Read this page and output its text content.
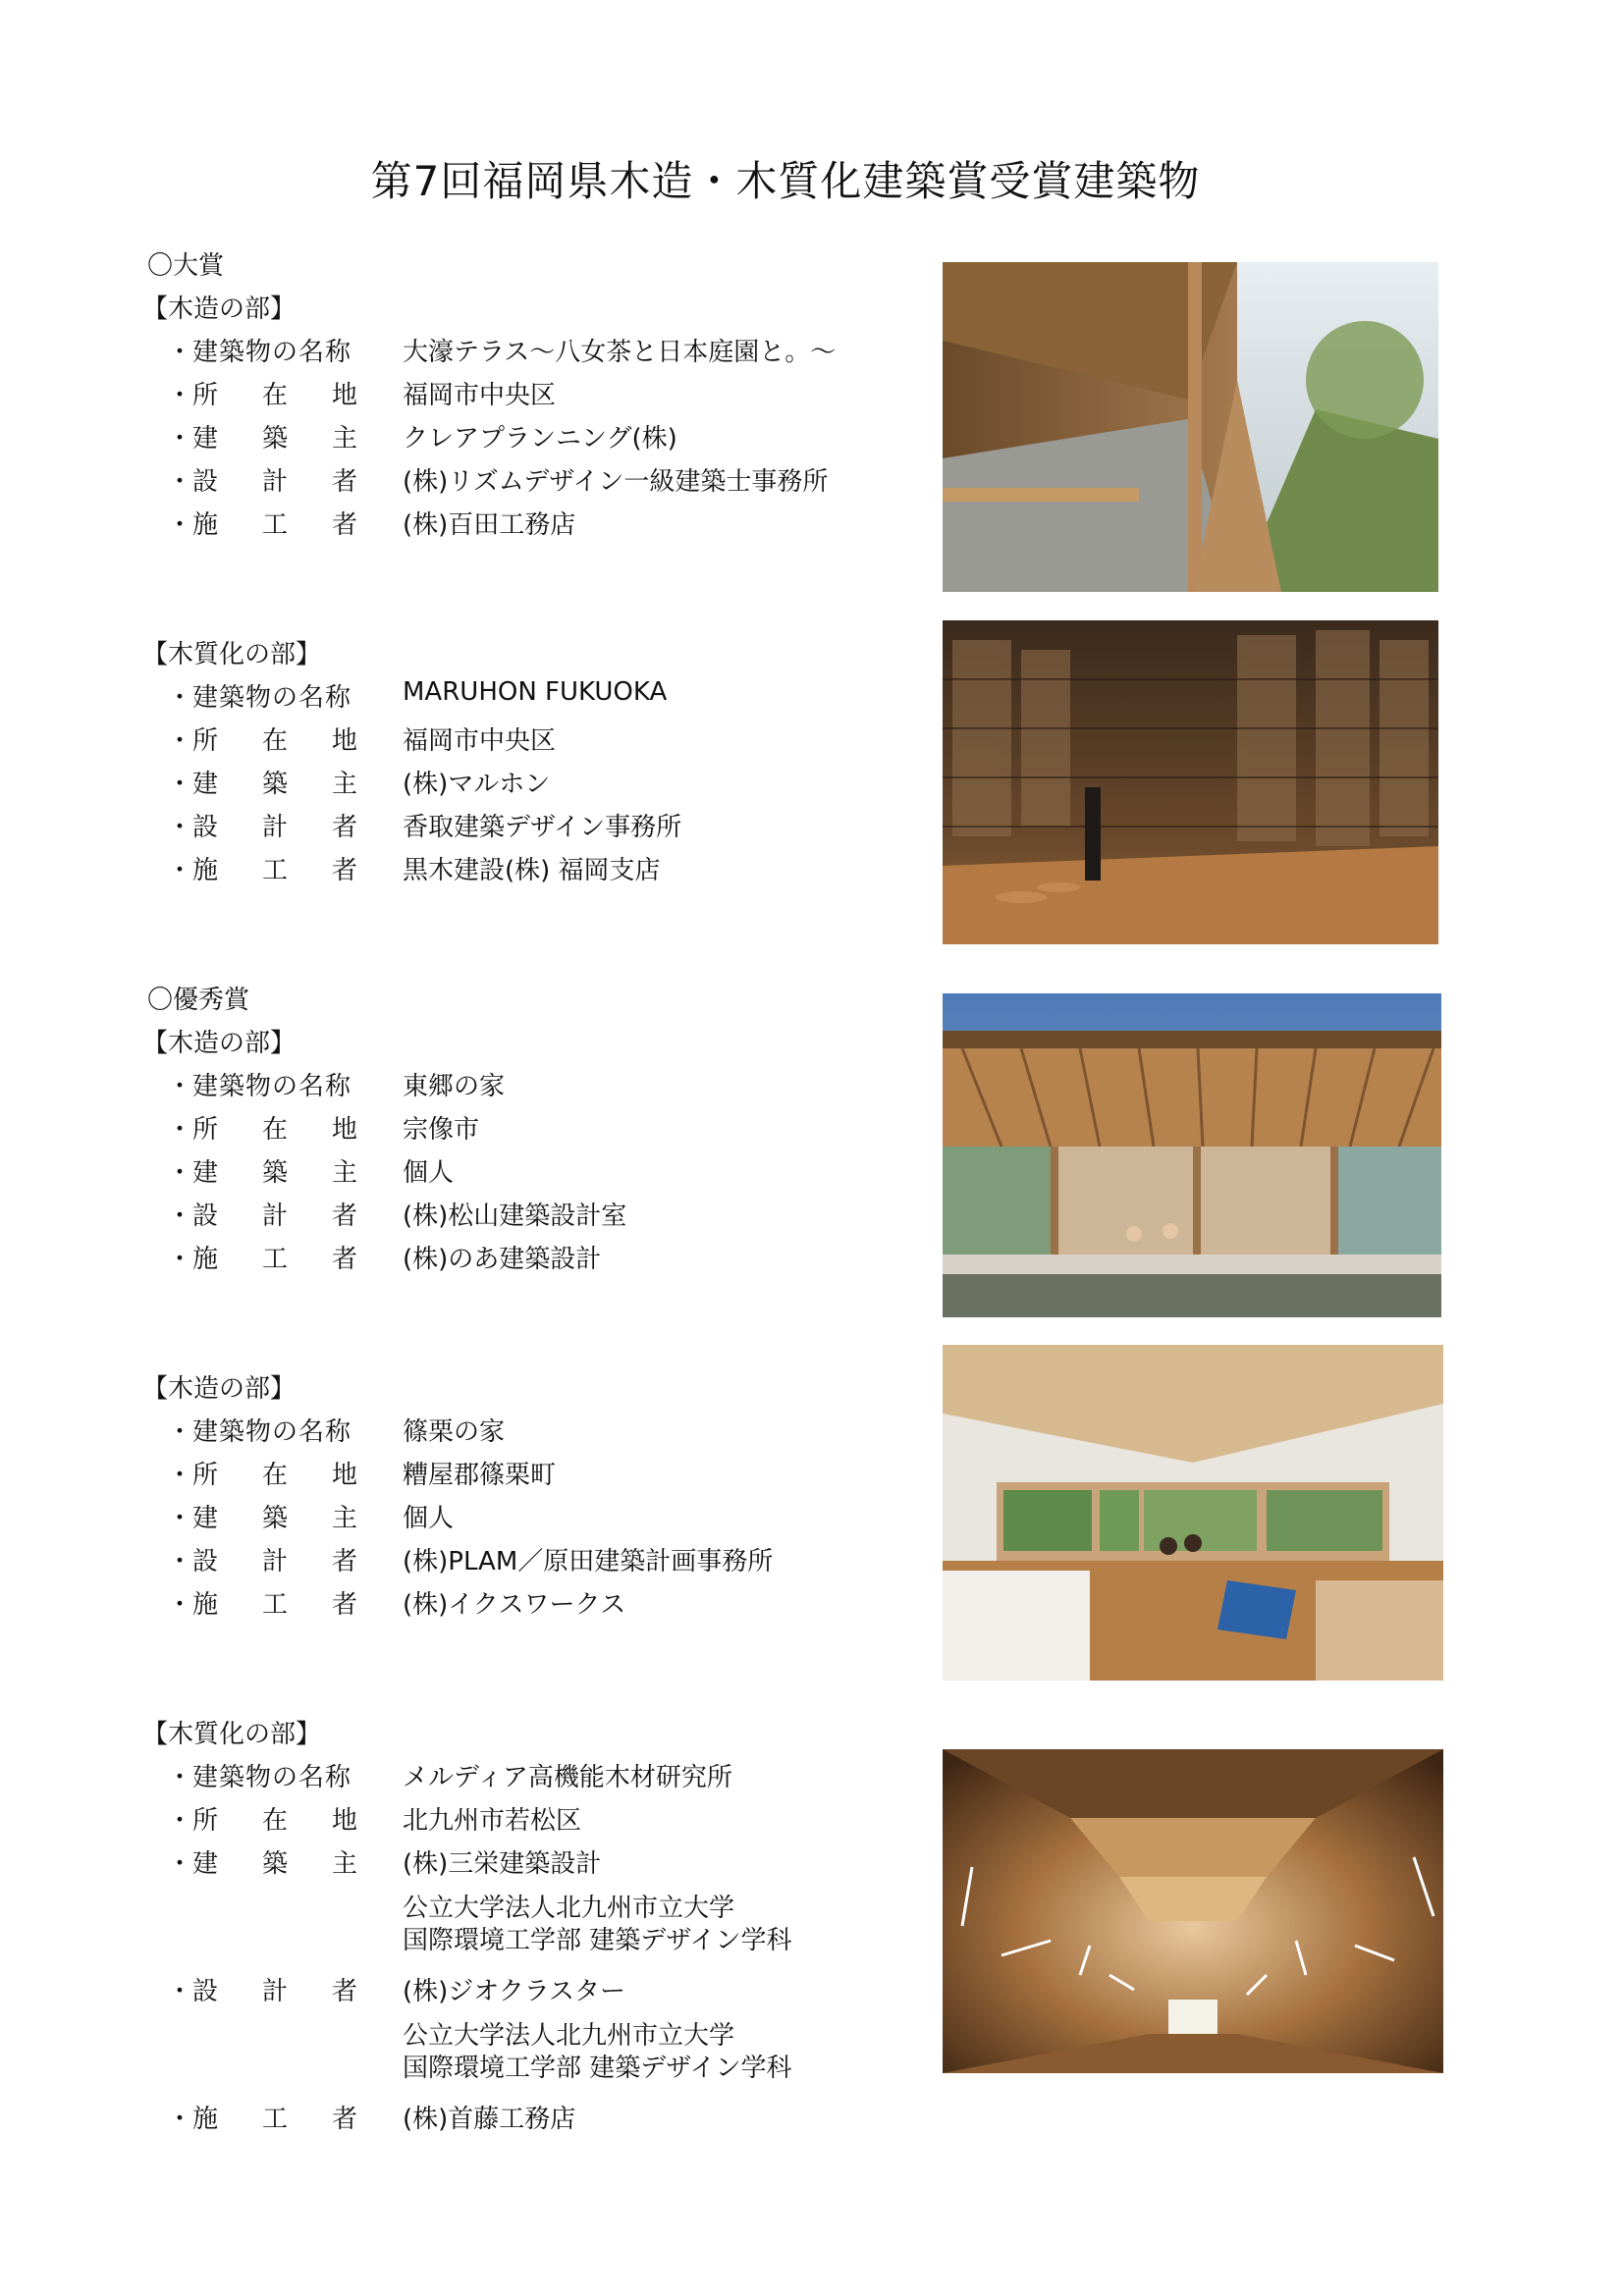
第7回福岡県木造・木質化建築賞受賞建築物
〇大賞
【木造の部】
・ 建築物の名称	大濠テラス～八女茶と日本庭園と。～
・ 所 在 地 福岡市中央区
・ 建 築 主 クレアプランニング(株)
・ 設 計 者 (株)リズムデザイン一級建築士事務所
・ 施 工 者 (株)百田工務店
【木質化の部】
・ 建築物の名称	MARUHON FUKUOKA
・ 所 在 地 福岡市中央区
・ 建 築 主 (株)マルホン
・ 設 計 者 香取建築デザイン事務所
・ 施 工 者 黒木建設(株) 福岡支店
〇優秀賞
【木造の部】
・ 建築物の名称	東郷の家
・ 所 在 地 宗像市
・ 建 築 主 個人
・ 設 計 者 (株)松山建築設計室
・ 施 工 者 (株)のあ建築設計
【木造の部】
・ 建築物の名称	篠栗の家
・ 所 在 地 糟屋郡篠栗町
・ 建 築 主 個人
・ 設 計 者 (株)PLAM／原田建築計画事務所
・ 施 工 者 (株)イクスワークス
【木質化の部】
・ 建築物の名称	メルディア高機能木材研究所
・ 所 在 地 北九州市若松区
・ 建 築 主 (株)三栄建築設計
公立大学法人北九州市立大学
国際環境工学部 建築デザイン学科
・ 設 計 者 (株)ジオクラスター
公立大学法人北九州市立大学
国際環境工学部 建築デザイン学科
・ 施 工 者 (株)首藤工務店
